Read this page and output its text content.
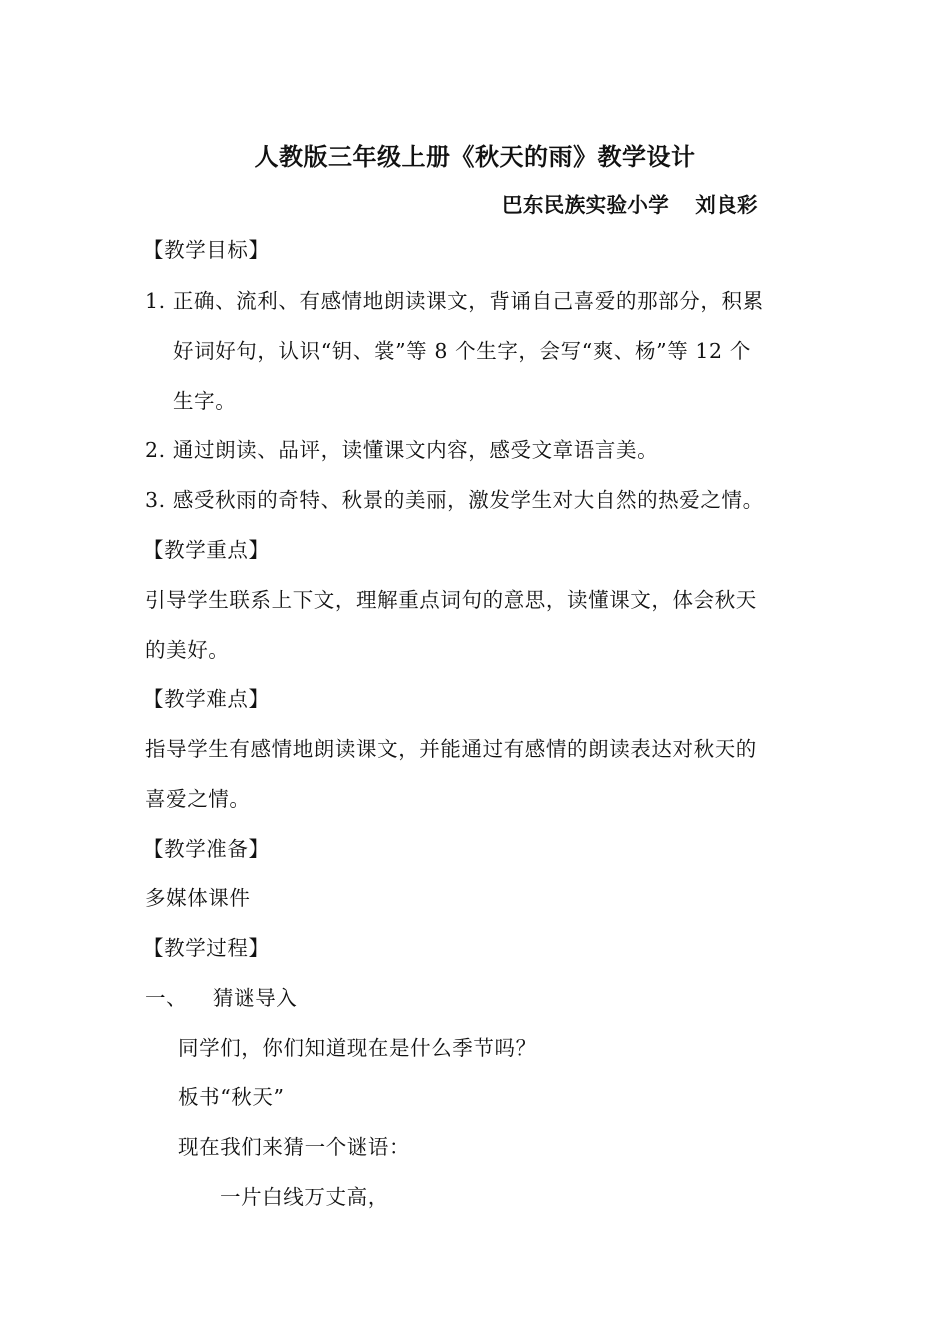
人教版三年级上册《秋天的雨》教学设计
巴东民族实验小学 刘良彩
【教学目标】
1. 正确、流利、有感情地朗读课文，背诵自己喜爱的那部分，积累
好词好句，认识“钥、裳”等 8 个生字，会写“爽、杨”等 12 个
生字。
2. 通过朗读、品评，读懂课文内容，感受文章语言美。
3. 感受秋雨的奇特、秋景的美丽，激发学生对大自然的热爱之情。
【教学重点】
引导学生联系上下文，理解重点词句的意思，读懂课文，体会秋天
的美好。
【教学难点】
指导学生有感情地朗读课文，并能通过有感情的朗读表达对秋天的
喜爱之情。
【教学准备】
多媒体课件
【教学过程】
一、 猜谜导入
同学们，你们知道现在是什么季节吗？
板书“秋天”
现在我们来猜一个谜语：
一片白线万丈高，
